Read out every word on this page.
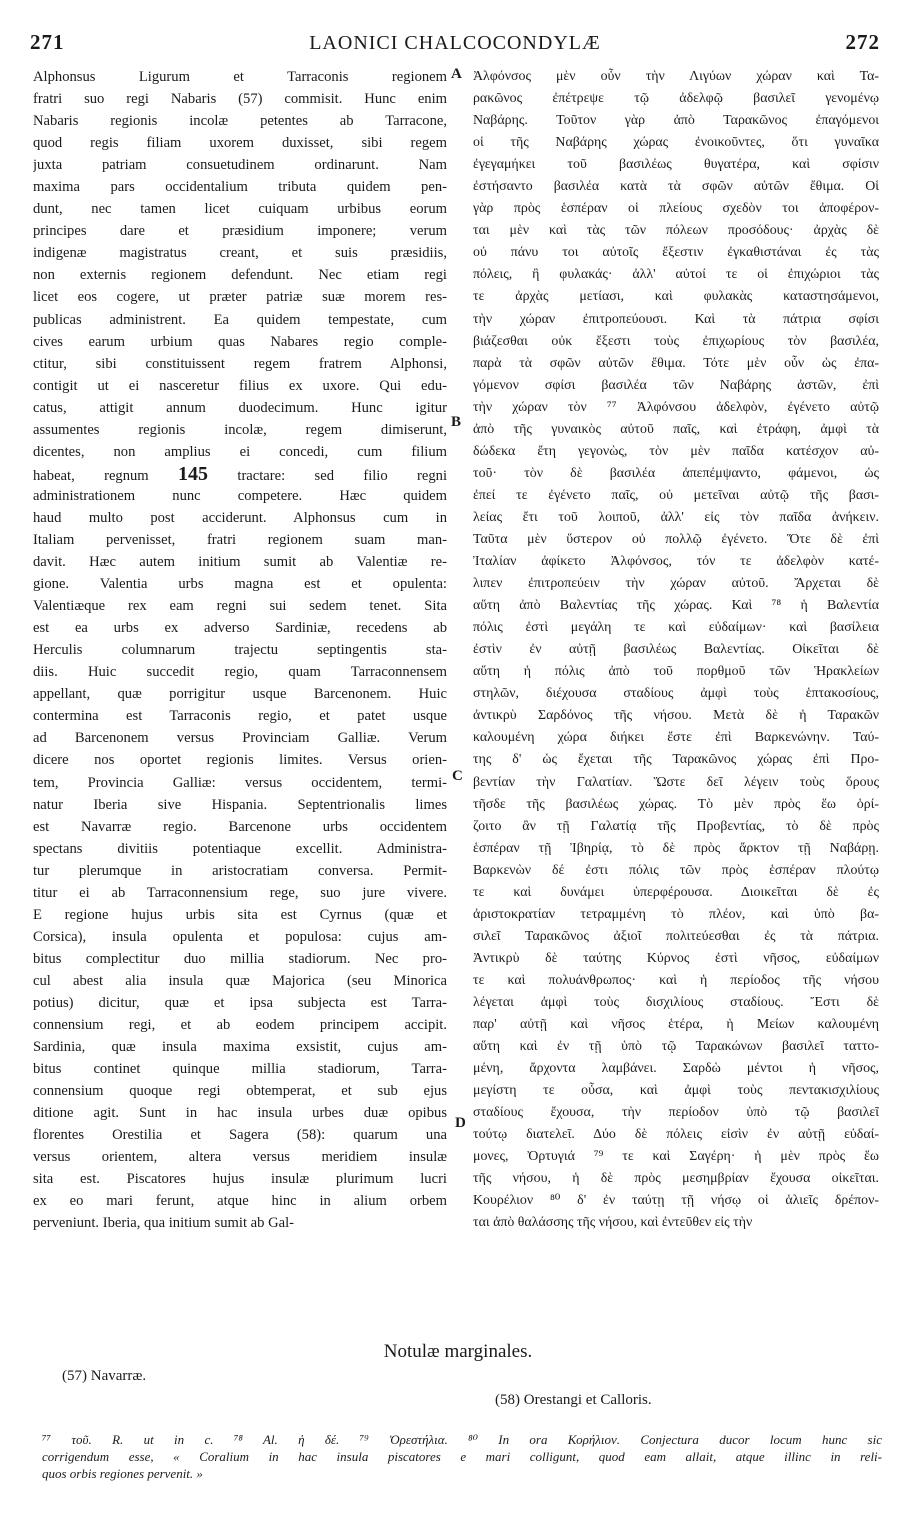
271	LAONICI CHALCOCONDYLÆ	272
Alphonsus Ligurum et Tarraconis regionem
fratri suo regi Nabaris (57) commisit. Hunc enim
Nabaris regionis incolæ petentes ab Tarracone,
quod regis filiam uxorem duxisset, sibi regem
juxta patriam consuetudinem ordinarunt. Nam
maxima pars occidentalium tributa quidem pen-
dunt, nec tamen licet cuiquam urbibus eorum
principes dare et præsidium imponere; verum
indigenæ magistratus creant, et suis præsidiis,
non externis regionem defendunt. Nec etiam regi
licet eos cogere, ut præter patriæ suæ morem res-
publicas administrent. Ea quidem tempestate, cum
cives earum urbium quas Nabares regio comple-
ctitur, sibi constituissent regem fratrem Alphonsi,
contigit ut ei nasceretur filius ex uxore. Qui edu-
catus, attigit annum duodecimum. Hunc igitur
assumentes regionis incolæ, regem dimiserunt,
dicentes, non amplius ei concedi, cum filium
habeat, regnum 145 tractare: sed filio regni
administrationem nunc competere. Hæc quidem
haud multo post acciderunt. Alphonsus cum in
Italiam pervenisset, fratri regionem suam man-
davit. Hæc autem initium sumit ab Valentiæ re-
gione. Valentia urbs magna est et opulenta:
Valentiæque rex eam regni sui sedem tenet. Sita
est ea urbs ex adverso Sardiniæ, recedens ab
Herculis columnarum trajectu septingentis sta-
diis. Huic succedit regio, quam Tarraconnensem
appellant, quæ porrigitur usque Barcenonem. Huic
contermina est Tarraconis regio, et patet usque
ad Barcenonem versus Provinciam Galliæ. Verum
dicere nos oportet regionis limites. Versus orien-
tem, Provincia Galliæ: versus occidentem, termi-
natur Iberia sive Hispania. Septentrionalis limes
est Navarræ regio. Barcenone urbs occidentem
spectans divitiis potentiaque excellit. Administra-
tur plerumque in aristocratiam conversa. Permit-
titur ei ab Tarraconnensium rege, suo jure vivere.
E regione hujus urbis sita est Cyrnus (quæ et
Corsica), insula opulenta et populosa: cujus am-
bitus complectitur duo millia stadiorum. Nec pro-
cul abest alia insula quæ Majorica (seu Minorica
potius) dicitur, quæ et ipsa subjecta est Tarra-
connensium regi, et ab eodem principem accipit.
Sardinia, quæ insula maxima exsistit, cujus am-
bitus continet quinque millia stadiorum, Tarra-
connensium quoque regi obtemperat, et sub ejus
ditione agit. Sunt in hac insula urbes duæ opibus
florentes Orestilia et Sagera (58): quarum una
versus orientem, altera versus meridiem insulæ
sita est. Piscatores hujus insulæ plurimum lucri
ex eo mari ferunt, atque hinc in alium orbem
perveniunt. Iberia, qua initium sumit ab Gal-
Ἀλφόνσος μὲν οὖν τὴν Λιγύων χώραν καὶ Τα-
ρακῶνος ἐπέτρεψε τῷ ἀδελφῷ βασιλεῖ γενομένῳ
Ναβάρης. Τοῦτον γὰρ ἀπὸ Ταρακῶνος ἐπαγόμενοι
οἱ τῆς Ναβάρης χώρας ἐνοικοῦντες, ὅτι γυναῖκα
ἐγεγαμήκει τοῦ βασιλέως θυγατέρα, καὶ σφίσιν
ἐστήσαντο βασιλέα κατὰ τὰ σφῶν αὐτῶν ἔθιμα. Οἱ
γὰρ πρὸς ἑσπέραν οἱ πλείους σχεδὸν τοι ἀποφέρον-
ται μὲν καὶ τὰς τῶν πόλεων προσόδους· ἀρχὰς δὲ
οὐ πάνυ τοι αὐτοῖς ἔξεστιν ἐγκαθιστάναι ἐς τὰς
πόλεις, ἢ φυλακάς· ἀλλ' αὐτοί τε οἱ ἐπιχώριοι τὰς
τε ἀρχὰς μετίασι, καὶ φυλακὰς καταστησάμενοι,
τὴν χώραν ἐπιτροπεύουσι. Καὶ τὰ πάτρια σφίσι
βιάζεσθαι οὐκ ἔξεστι τοὺς ἐπιχωρίους τὸν βασιλέα,
παρὰ τὰ σφῶν αὐτῶν ἔθιμα. Τότε μὲν οὖν ὡς ἐπα-
γόμενον σφίσι βασιλέα τῶν Ναβάρης ἀστῶν, ἐπὶ
τὴν χώραν τὸν ⁷⁷ Ἀλφόνσου ἀδελφὸν, ἐγένετο αὐτῷ
ἀπὸ τῆς γυναικὸς αὐτοῦ παῖς, καὶ ἐτράφη, ἀμφὶ τὰ
δώδεκα ἔτη γεγονὼς, τὸν μὲν παῖδα κατέσχον αὐ-
τοῦ· τὸν δὲ βασιλέα ἀπεπέμψαντο, φάμενοι, ὡς
ἐπεί τε ἐγένετο παῖς, οὐ μετεῖναι αὐτῷ τῆς βασι-
λείας ἔτι τοῦ λοιποῦ, ἀλλ' εἰς τὸν παῖδα ἀνήκειν.
Ταῦτα μὲν ὕστερον οὐ πολλῷ ἐγένετο. Ὅτε δὲ ἐπὶ
Ἰταλίαν ἀφίκετο Ἀλφόνσος, τόν τε ἀδελφὸν κατέ-
λιπεν ἐπιτροπεύειν τὴν χώραν αὐτοῦ. Ἄρχεται δὲ
αὕτη ἀπὸ Βαλεντίας τῆς χώρας. Καὶ ⁷⁸ ἡ Βαλεντία
πόλις ἐστὶ μεγάλη τε καὶ εὐδαίμων· καὶ βασίλεια
ἐστὶν ἐν αὐτῇ βασιλέως Βαλεντίας. Οἰκεῖται δὲ
αὕτη ἡ πόλις ἀπὸ τοῦ πορθμοῦ τῶν Ἡρακλείων
στηλῶν, διέχουσα σταδίους ἀμφὶ τοὺς ἑπτακοσίους,
ἀντικρὺ Σαρδόνος τῆς νήσου. Μετὰ δὲ ἡ Ταρακῶν
καλουμένη χώρα διήκει ἔστε ἐπὶ Βαρκενώνην. Ταύ-
της δ' ὡς ἔχεται τῆς Ταρακῶνος χώρας ἐπὶ Προ-
βεντίαν τὴν Γαλατίαν. Ὥστε δεῖ λέγειν τοὺς ὅρους
τῆσδε τῆς βασιλέως χώρας. Τὸ μὲν πρὸς ἕω ὁρί-
ζοιτο ἂν τῇ Γαλατίᾳ τῆς Προβεντίας, τὸ δὲ πρὸς
ἑσπέραν τῇ Ἰβηρίᾳ, τὸ δὲ πρὸς ἄρκτον τῇ Ναβάρῃ.
Βαρκενὼν δέ ἐστι πόλις τῶν πρὸς ἑσπέραν πλούτῳ
τε καὶ δυνάμει ὑπερφέρουσα. Διοικεῖται δὲ ἐς
ἀριστοκρατίαν τετραμμένη τὸ πλέον, καὶ ὑπὸ βα-
σιλεῖ Ταρακῶνος ἀξιοῖ πολιτεύεσθαι ἐς τὰ πάτρια.
Ἀντικρὺ δὲ ταύτης Κύρνος ἐστὶ νῆσος, εὐδαίμων
τε καὶ πολυάνθρωπος· καὶ ἡ περίοδος τῆς νήσου
λέγεται ἀμφὶ τοὺς δισχιλίους σταδίους. Ἔστι δὲ
παρ' αὐτῇ καὶ νῆσος ἑτέρα, ἡ Μείων καλουμένη
αὕτη καὶ ἐν τῇ ὑπὸ τῷ Ταρακώνων βασιλεῖ ταττο-
μένη, ἄρχοντα λαμβάνει. Σαρδὼ μέντοι ἡ νῆσος,
μεγίστη τε οὖσα, καὶ ἀμφὶ τοὺς πεντακισχιλίους
σταδίους ἔχουσα, τὴν περίοδον ὑπὸ τῷ βασιλεῖ
τούτῳ διατελεῖ. Δύο δὲ πόλεις εἰσὶν ἐν αὐτῇ εὐδαί-
μονες, Ὀρτυγιά ⁷⁹ τε καὶ Σαγέρη· ἡ μὲν πρὸς ἕω
τῆς νήσου, ἡ δὲ πρὸς μεσημβρίαν ἔχουσα οἰκεῖται.
Κουρέλιον ⁸⁰ δ' ἐν ταύτῃ τῇ νήσῳ οἱ ἁλιεῖς δρέπον-
ται ἀπὸ θαλάσσης τῆς νήσου, καὶ ἐντεῦθεν εἰς τὴν
A
B
C
D
Notulæ marginales.
(57) Navarræ.
(58) Orestangi et Calloris.
⁷⁷ τοῦ. R. ut in c. ⁷⁸ Al. ἡ δέ. ⁷⁹ Ὀρεστήλια. ⁸⁰ In ora Κορήλιον. Conjectura ducor locum hunc sic
corrigendum esse, « Coralium in hac insula piscatores e mari colligunt, quod eam allait, atque illinc in reli-
quos orbis regiones pervenit. »
